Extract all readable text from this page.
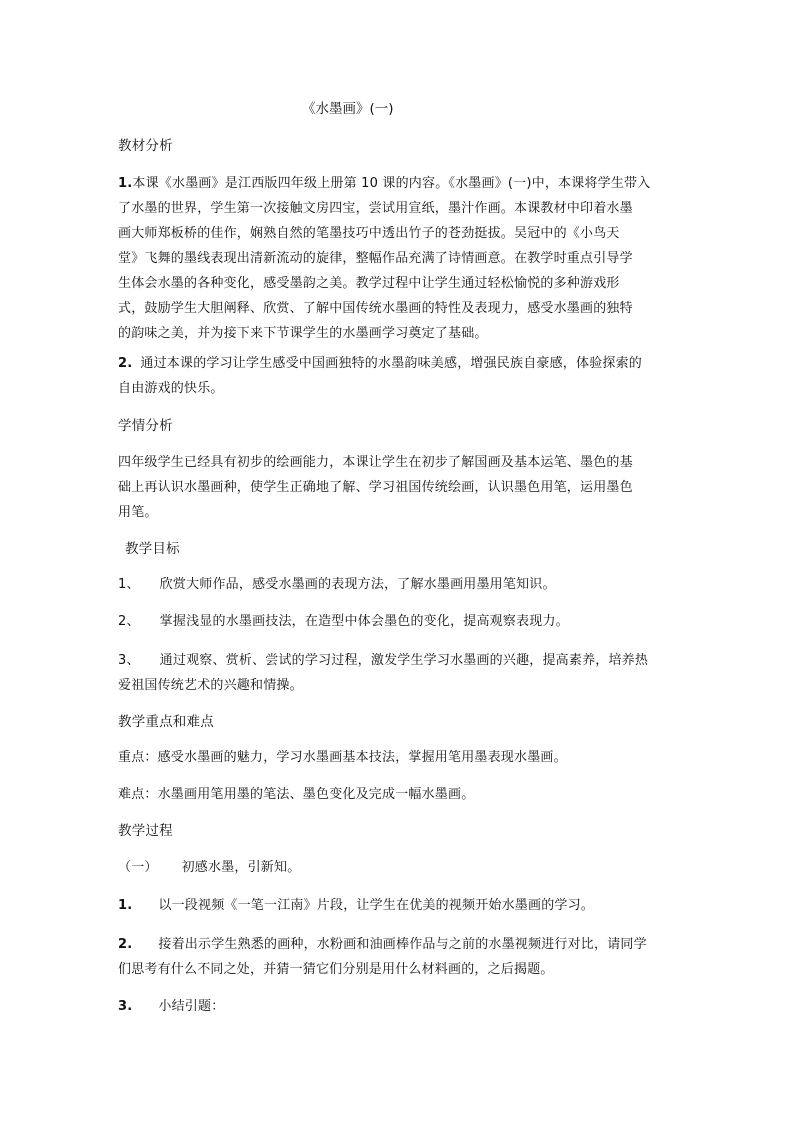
《水墨画》(一)
教材分析
1.本课《水墨画》是江西版四年级上册第 10 课的内容。《水墨画》(一)中，本课将学生带入
了水墨的世界，学生第一次接触文房四宝，尝试用宣纸，墨汁作画。本课教材中印着水墨
画大师郑板桥的佳作，娴熟自然的笔墨技巧中透出竹子的苍劲挺拔。吴冠中的《小鸟天
堂》飞舞的墨线表现出清新流动的旋律，整幅作品充满了诗情画意。在教学时重点引导学
生体会水墨的各种变化，感受墨韵之美。教学过程中让学生通过轻松愉悦的多种游戏形
式，鼓励学生大胆阐释、欣赏、了解中国传统水墨画的特性及表现力，感受水墨画的独特
的韵味之美，并为接下来下节课学生的水墨画学习奠定了基础。
2. 通过本课的学习让学生感受中国画独特的水墨韵味美感，增强民族自豪感，体验探索的
自由游戏的快乐。
学情分析
四年级学生已经具有初步的绘画能力，本课让学生在初步了解国画及基本运笔、墨色的基
础上再认识水墨画种，使学生正确地了解、学习祖国传统绘画，认识墨色用笔，运用墨色
用笔。
教学目标
1、 欣赏大师作品，感受水墨画的表现方法，了解水墨画用墨用笔知识。
2、 掌握浅显的水墨画技法，在造型中体会墨色的变化，提高观察表现力。
3、 通过观察、赏析、尝试的学习过程，激发学生学习水墨画的兴趣，提高素养，培养热
爱祖国传统艺术的兴趣和情操。
教学重点和难点
重点：感受水墨画的魅力，学习水墨画基本技法，掌握用笔用墨表现水墨画。
难点：水墨画用笔用墨的笔法、墨色变化及完成一幅水墨画。
教学过程
（一） 初感水墨，引新知。
1. 以一段视频《一笔一江南》片段，让学生在优美的视频开始水墨画的学习。
2. 接着出示学生熟悉的画种，水粉画和油画棒作品与之前的水墨视频进行对比，请同学
们思考有什么不同之处，并猜一猜它们分别是用什么材料画的，之后揭题。
3. 小结引题：
